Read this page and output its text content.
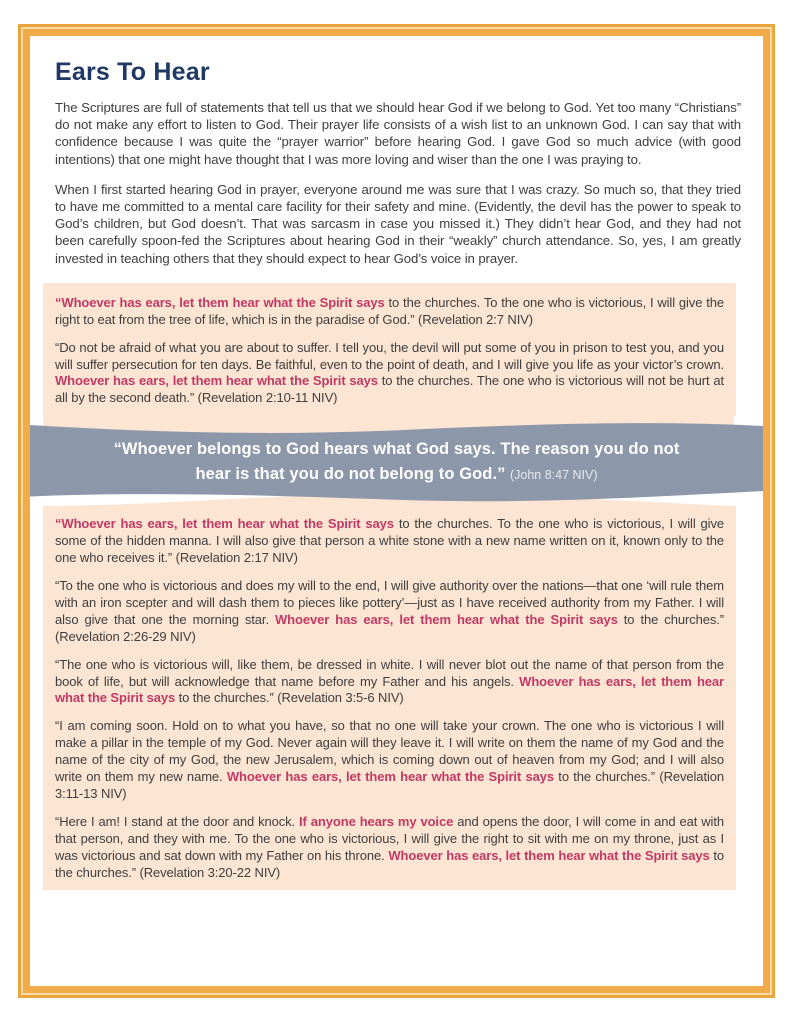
Ears To Hear

The Scriptures are full of statements that tell us that we should hear God if we belong to God. Yet too many “Christians” do not make any effort to listen to God. Their prayer life consists of a wish list to an unknown God. I can say that with confidence because I was quite the “prayer warrior” before hearing God. I gave God so much advice (with good intentions) that one might have thought that I was more loving and wiser than the one I was praying to.

When I first started hearing God in prayer, everyone around me was sure that I was crazy. So much so, that they tried to have me committed to a mental care facility for their safety and mine. (Evidently, the devil has the power to speak to God’s children, but God doesn’t. That was sarcasm in case you missed it.) They didn’t hear God, and they had not been carefully spoon-fed the Scriptures about hearing God in their “weakly” church attendance. So, yes, I am greatly invested in teaching others that they should expect to hear God’s voice in prayer.

“Whoever has ears, let them hear what the Spirit says to the churches. To the one who is victorious, I will give the right to eat from the tree of life, which is in the paradise of God.” (Revelation 2:7 NIV)

“Do not be afraid of what you are about to suffer. I tell you, the devil will put some of you in prison to test you, and you will suffer persecution for ten days. Be faithful, even to the point of death, and I will give you life as your victor’s crown. Whoever has ears, let them hear what the Spirit says to the churches. The one who is victorious will not be hurt at all by the second death.” (Revelation 2:10-11 NIV)

“Whoever belongs to God hears what God says. The reason you do not hear is that you do not belong to God.” (John 8:47 NIV)

“Whoever has ears, let them hear what the Spirit says to the churches. To the one who is victorious, I will give some of the hidden manna. I will also give that person a white stone with a new name written on it, known only to the one who receives it.” (Revelation 2:17 NIV)

“To the one who is victorious and does my will to the end, I will give authority over the nations—that one ‘will rule them with an iron scepter and will dash them to pieces like pottery’—just as I have received authority from my Father. I will also give that one the morning star. Whoever has ears, let them hear what the Spirit says to the churches.” (Revelation 2:26-29 NIV)

“The one who is victorious will, like them, be dressed in white. I will never blot out the name of that person from the book of life, but will acknowledge that name before my Father and his angels. Whoever has ears, let them hear what the Spirit says to the churches.” (Revelation 3:5-6 NIV)

“I am coming soon. Hold on to what you have, so that no one will take your crown. The one who is victorious I will make a pillar in the temple of my God. Never again will they leave it. I will write on them the name of my God and the name of the city of my God, the new Jerusalem, which is coming down out of heaven from my God; and I will also write on them my new name. Whoever has ears, let them hear what the Spirit says to the churches.” (Revelation 3:11-13 NIV)

“Here I am! I stand at the door and knock. If anyone hears my voice and opens the door, I will come in and eat with that person, and they with me. To the one who is victorious, I will give the right to sit with me on my throne, just as I was victorious and sat down with my Father on his throne. Whoever has ears, let them hear what the Spirit says to the churches.” (Revelation 3:20-22 NIV)
